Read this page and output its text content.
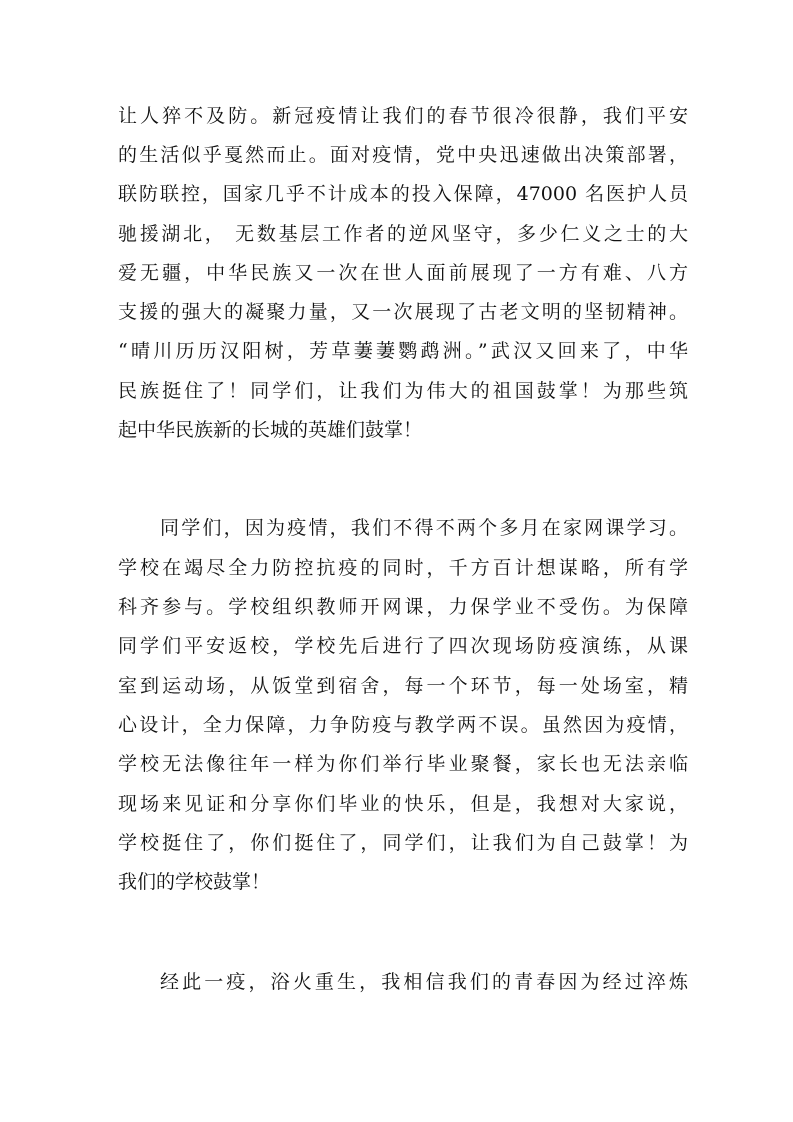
让人猝不及防。新冠疫情让我们的春节很冷很静，我们平安
的生活似乎戛然而止。面对疫情，党中央迅速做出决策部署，
联防联控，国家几乎不计成本的投入保障，47000 名医护人员
驰援湖北， 无数基层工作者的逆风坚守，多少仁义之士的大
爱无疆，中华民族又一次在世人面前展现了一方有难、八方
支援的强大的凝聚力量，又一次展现了古老文明的坚韧精神。
“晴川历历汉阳树，芳草萋萋鹦鹉洲。”武汉又回来了，中华
民族挺住了！同学们，让我们为伟大的祖国鼓掌！为那些筑
起中华民族新的长城的英雄们鼓掌！
同学们，因为疫情，我们不得不两个多月在家网课学习。
学校在竭尽全力防控抗疫的同时，千方百计想谋略，所有学
科齐参与。学校组织教师开网课，力保学业不受伤。为保障
同学们平安返校，学校先后进行了四次现场防疫演练，从课
室到运动场，从饭堂到宿舍，每一个环节，每一处场室，精
心设计，全力保障，力争防疫与教学两不误。虽然因为疫情，
学校无法像往年一样为你们举行毕业聚餐，家长也无法亲临
现场来见证和分享你们毕业的快乐，但是，我想对大家说，
学校挺住了，你们挺住了，同学们，让我们为自己鼓掌！为
我们的学校鼓掌！
经此一疫，浴火重生，我相信我们的青春因为经过淬炼
